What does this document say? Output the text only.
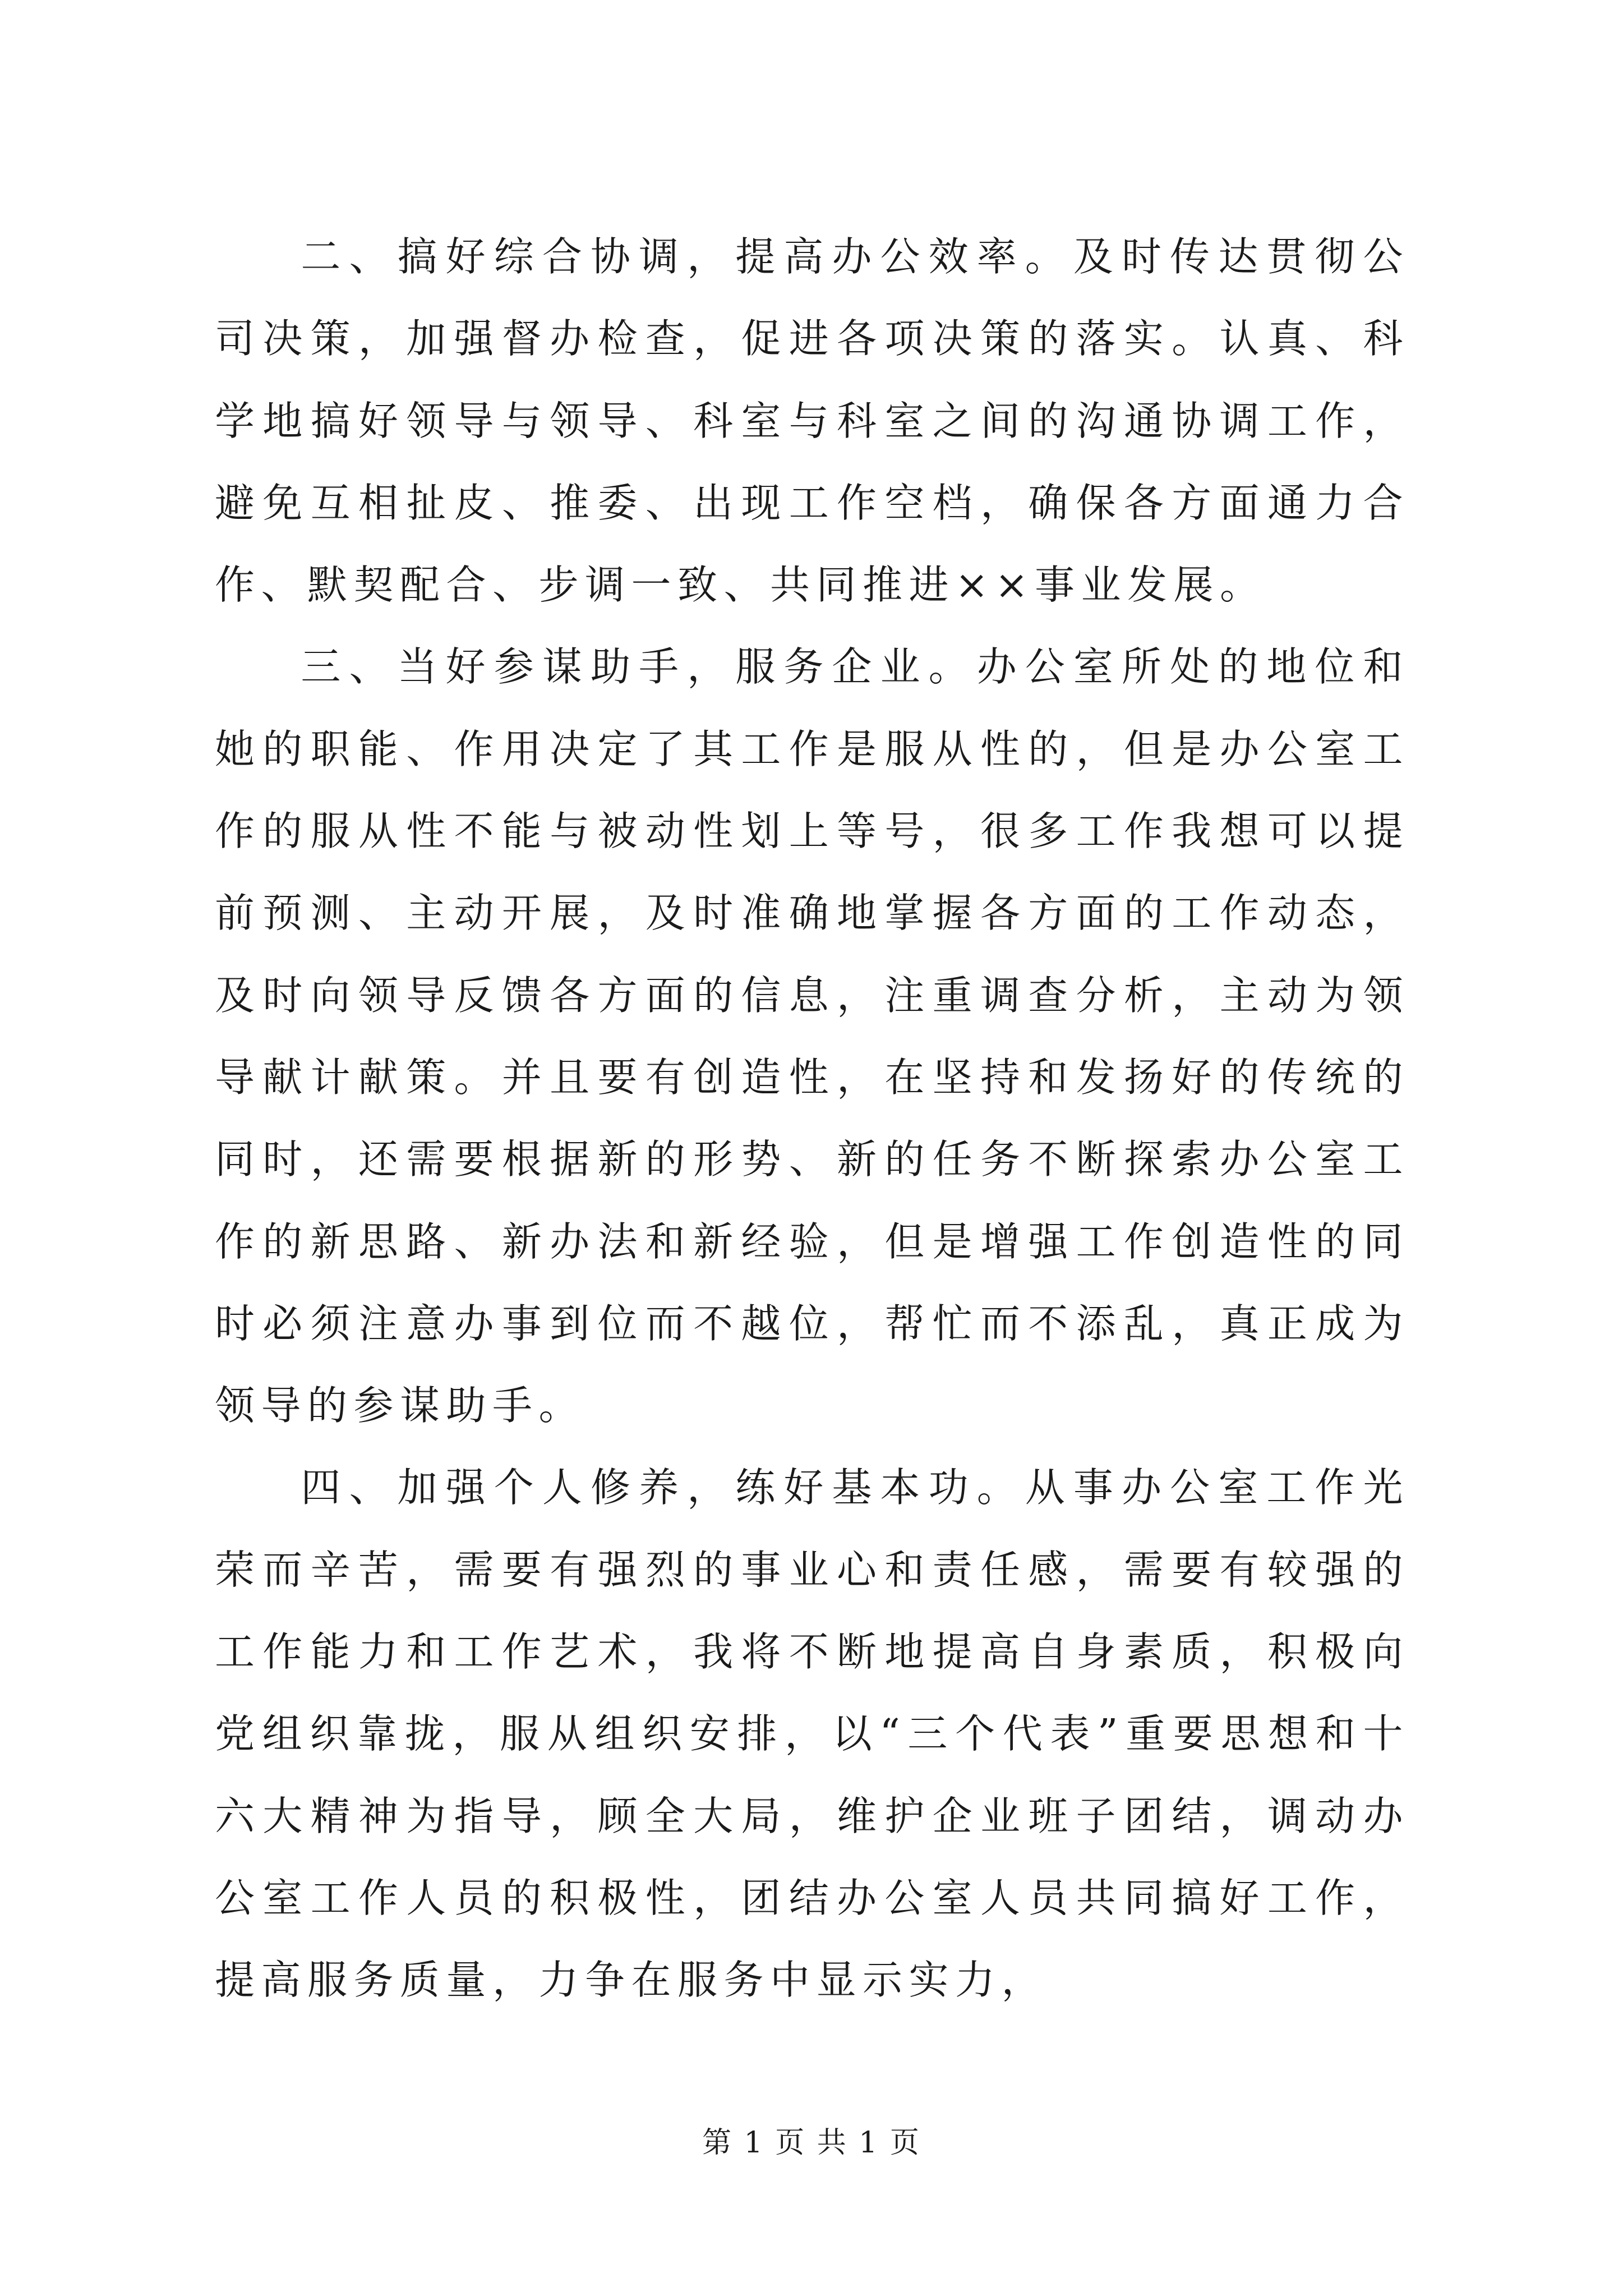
二、搞好综合协调，提高办公效率。及时传达贯彻公司决策，加强督办检查，促进各项决策的落实。认真、科学地搞好领导与领导、科室与科室之间的沟通协调工作，避免互相扯皮、推委、出现工作空档，确保各方面通力合作、默契配合、步调一致、共同推进××事业发展。

三、当好参谋助手，服务企业。办公室所处的地位和她的职能、作用决定了其工作是服从性的，但是办公室工作的服从性不能与被动性划上等号，很多工作我想可以提前预测、主动开展，及时准确地掌握各方面的工作动态，及时向领导反馈各方面的信息，注重调查分析，主动为领导献计献策。并且要有创造性，在坚持和发扬好的传统的同时，还需要根据新的形势、新的任务不断探索办公室工作的新思路、新办法和新经验，但是增强工作创造性的同时必须注意办事到位而不越位，帮忙而不添乱，真正成为领导的参谋助手。

四、加强个人修养，练好基本功。从事办公室工作光荣而辛苦，需要有强烈的事业心和责任感，需要有较强的工作能力和工作艺术，我将不断地提高自身素质，积极向党组织靠拢，服从组织安排，以“三个代表”重要思想和十六大精神为指导，顾全大局，维护企业班子团结，调动办公室工作人员的积极性，团结办公室人员共同搞好工作，提高服务质量，力争在服务中显示实力，

第 1 页 共 1 页
